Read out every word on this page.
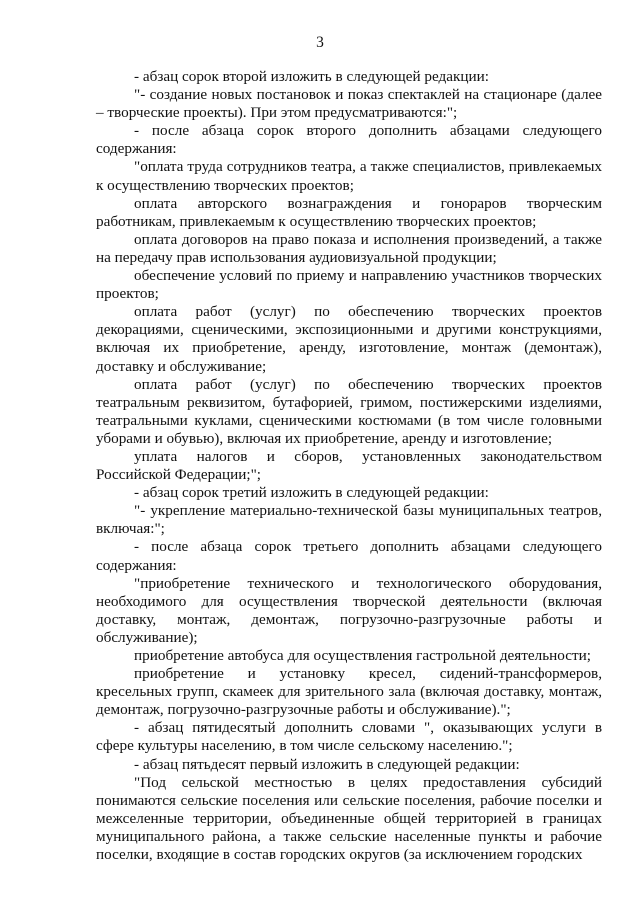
3

- абзац сорок второй изложить в следующей редакции:

"- создание новых постановок и показ спектаклей на стационаре (далее – творческие проекты). При этом предусматриваются:";

- после абзаца сорок второго дополнить абзацами следующего содержания:

"оплата труда сотрудников театра, а также специалистов, привлекаемых к осуществлению творческих проектов;

оплата авторского вознаграждения и гонораров творческим работникам, привлекаемым к осуществлению творческих проектов;

оплата договоров на право показа и исполнения произведений, а также на передачу прав использования аудиовизуальной продукции;

обеспечение условий по приему и направлению участников творческих проектов;

оплата работ (услуг) по обеспечению творческих проектов декорациями, сценическими, экспозиционными и другими конструкциями, включая их приобретение, аренду, изготовление, монтаж (демонтаж), доставку и обслуживание;

оплата работ (услуг) по обеспечению творческих проектов театральным реквизитом, бутафорией, гримом, постижерскими изделиями, театральными куклами, сценическими костюмами (в том числе головными уборами и обувью), включая их приобретение, аренду и изготовление;

уплата налогов и сборов, установленных законодательством Российской Федерации;";

- абзац сорок третий изложить в следующей редакции:

"- укрепление материально-технической базы муниципальных театров, включая:";

- после абзаца сорок третьего дополнить абзацами следующего содержания:

"приобретение технического и технологического оборудования, необходимого для осуществления творческой деятельности (включая доставку, монтаж, демонтаж, погрузочно-разгрузочные работы и обслуживание);

приобретение автобуса для осуществления гастрольной деятельности;

приобретение и установку кресел, сидений-трансформеров, кресельных групп, скамеек для зрительного зала (включая доставку, монтаж, демонтаж, погрузочно-разгрузочные работы и обслуживание).";

- абзац пятидесятый дополнить словами ", оказывающих услуги в сфере культуры населению, в том числе сельскому населению.";

- абзац пятьдесят первый изложить в следующей редакции:

"Под сельской местностью в целях предоставления субсидий понимаются сельские поселения или сельские поселения, рабочие поселки и межселенные территории, объединенные общей территорией в границах муниципального района, а также сельские населенные пункты и рабочие поселки, входящие в состав городских округов (за исключением городских
